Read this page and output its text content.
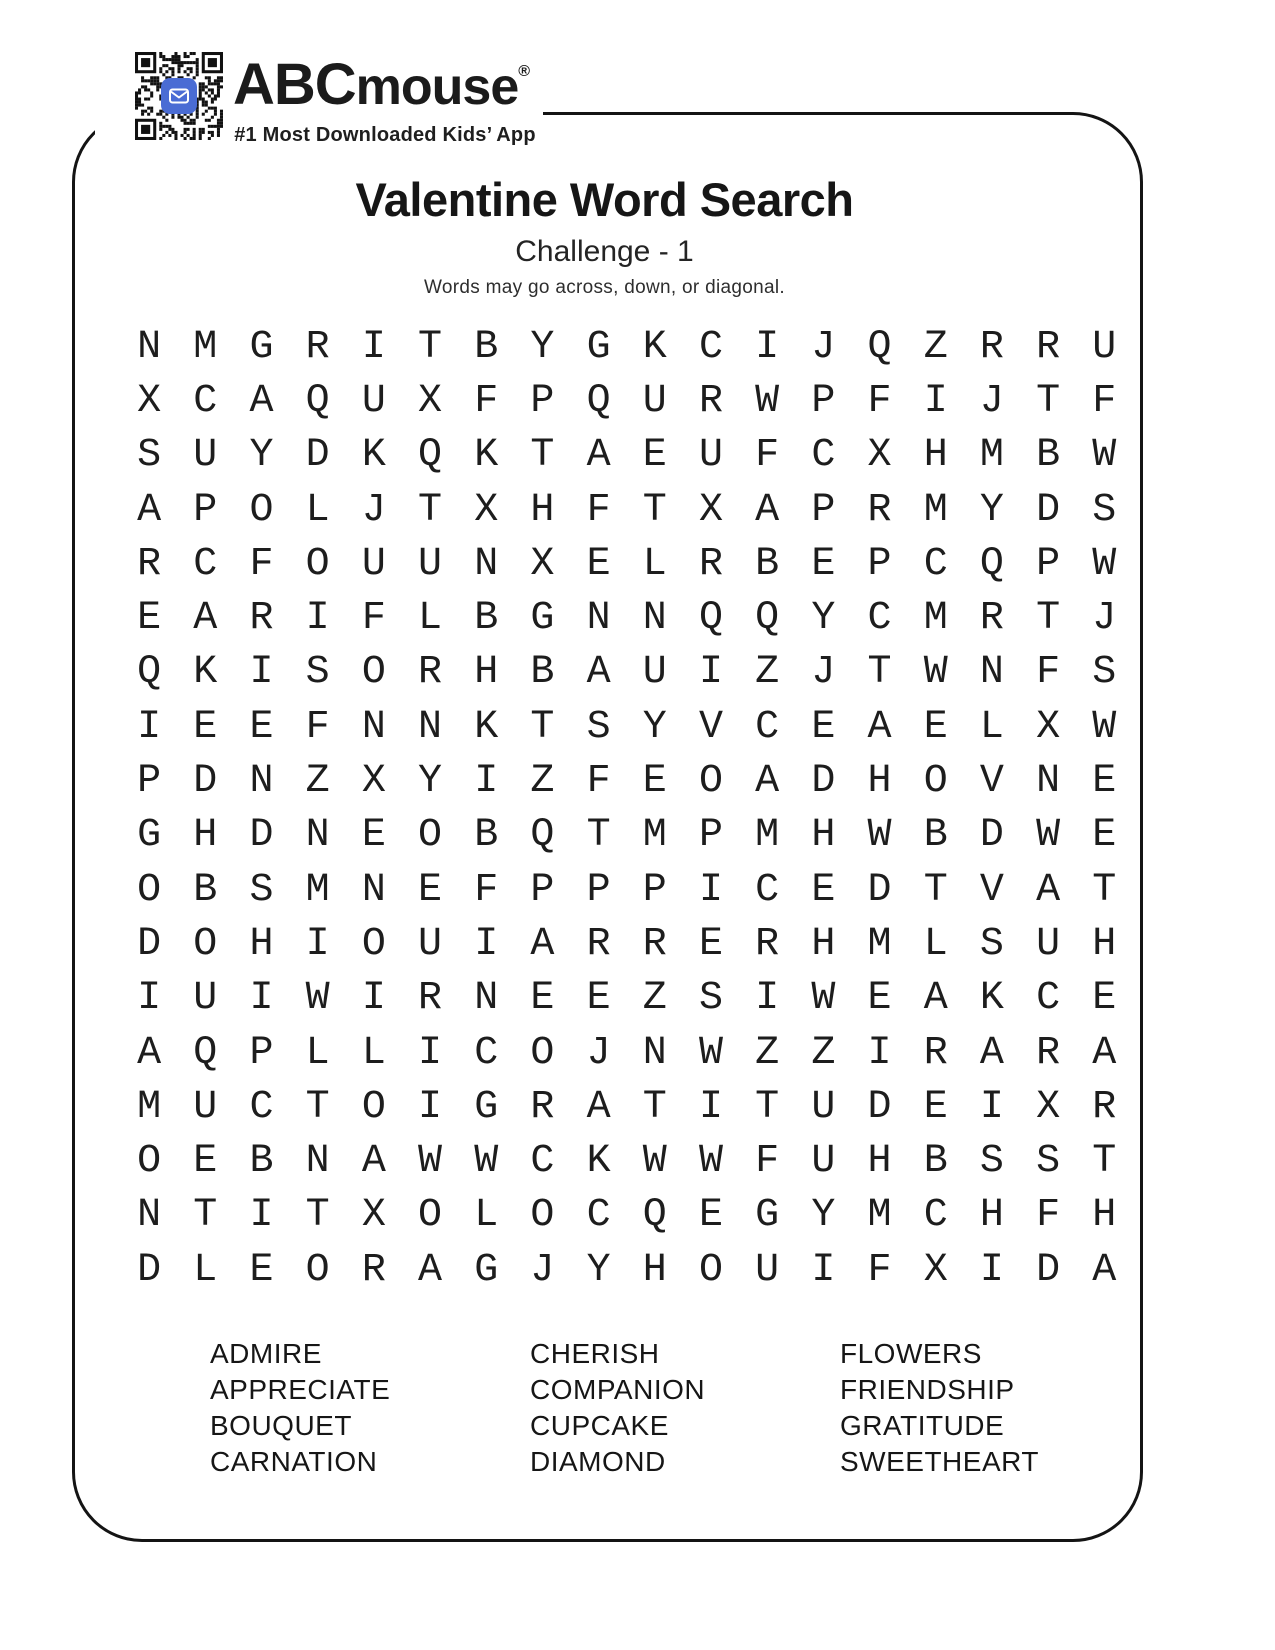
ABCmouse®
#1 Most Downloaded Kids’ App
Valentine Word Search
Challenge - 1
Words may go across, down, or diagonal.
N M G R I T B Y G K C I J Q Z R R U
X C A Q U X F P Q U R W P F I J T F
S U Y D K Q K T A E U F C X H M B W
A P O L J T X H F T X A P R M Y D S
R C F O U U N X E L R B E P C Q P W
E A R I F L B G N N Q Q Y C M R T J
Q K I S O R H B A U I Z J T W N F S
I E E F N N K T S Y V C E A E L X W
P D N Z X Y I Z F E O A D H O V N E
G H D N E O B Q T M P M H W B D W E
O B S M N E F P P P I C E D T V A T
D O H I O U I A R R E R H M L S U H
I U I W I R N E E Z S I W E A K C E
A Q P L L I C O J N W Z Z I R A R A
M U C T O I G R A T I T U D E I X R
O E B N A W W C K W W F U H B S S T
N T I T X O L O C Q E G Y M C H F H
D L E O R A G J Y H O U I F X I D A
ADMIRE
APPRECIATE
BOUQUET
CARNATION
CHERISH
COMPANION
CUPCAKE
DIAMOND
FLOWERS
FRIENDSHIP
GRATITUDE
SWEETHEART
